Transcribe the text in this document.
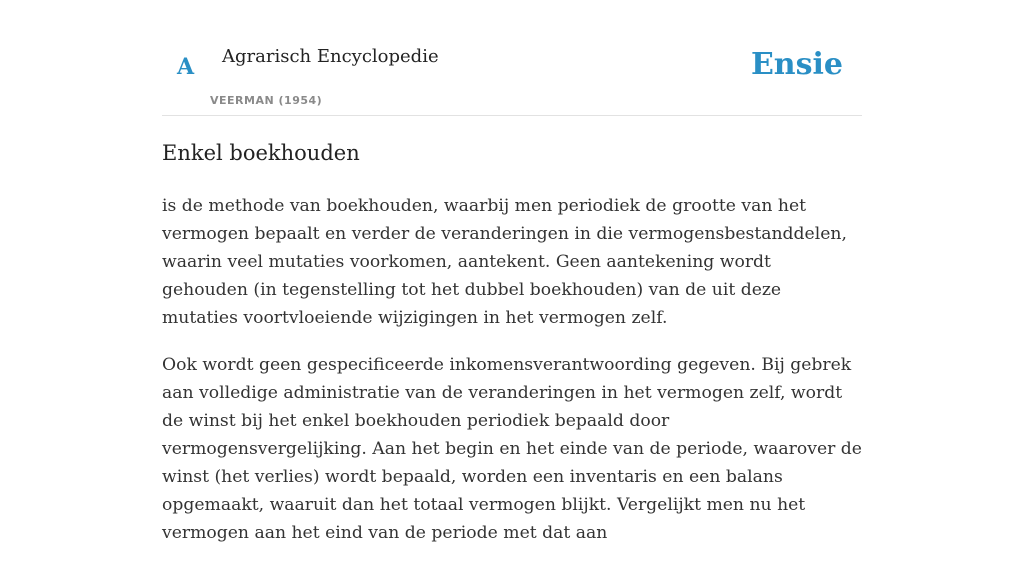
A Agrarisch Encyclopedie
VEERMAN (1954)
Ensie
Enkel boekhouden

is de methode van boekhouden, waarbij men periodiek de grootte van het vermogen bepaalt en verder de veranderingen in die vermogensbestanddelen, waarin veel mutaties voorkomen, aantekent. Geen aantekening wordt gehouden (in tegenstelling tot het dubbel boekhouden) van de uit deze mutaties voortvloeiende wijzigingen in het vermogen zelf.

Ook wordt geen gespecificeerde inkomensverantwoording gegeven. Bij gebrek aan volledige administratie van de veranderingen in het vermogen zelf, wordt de winst bij het enkel boekhouden periodiek bepaald door vermogensvergelijking. Aan het begin en het einde van de periode, waarover de winst (het verlies) wordt bepaald, worden een inventaris en een balans opgemaakt, waaruit dan het totaal vermogen blijkt. Vergelijkt men nu het vermogen aan het eind van de periode met dat aan
